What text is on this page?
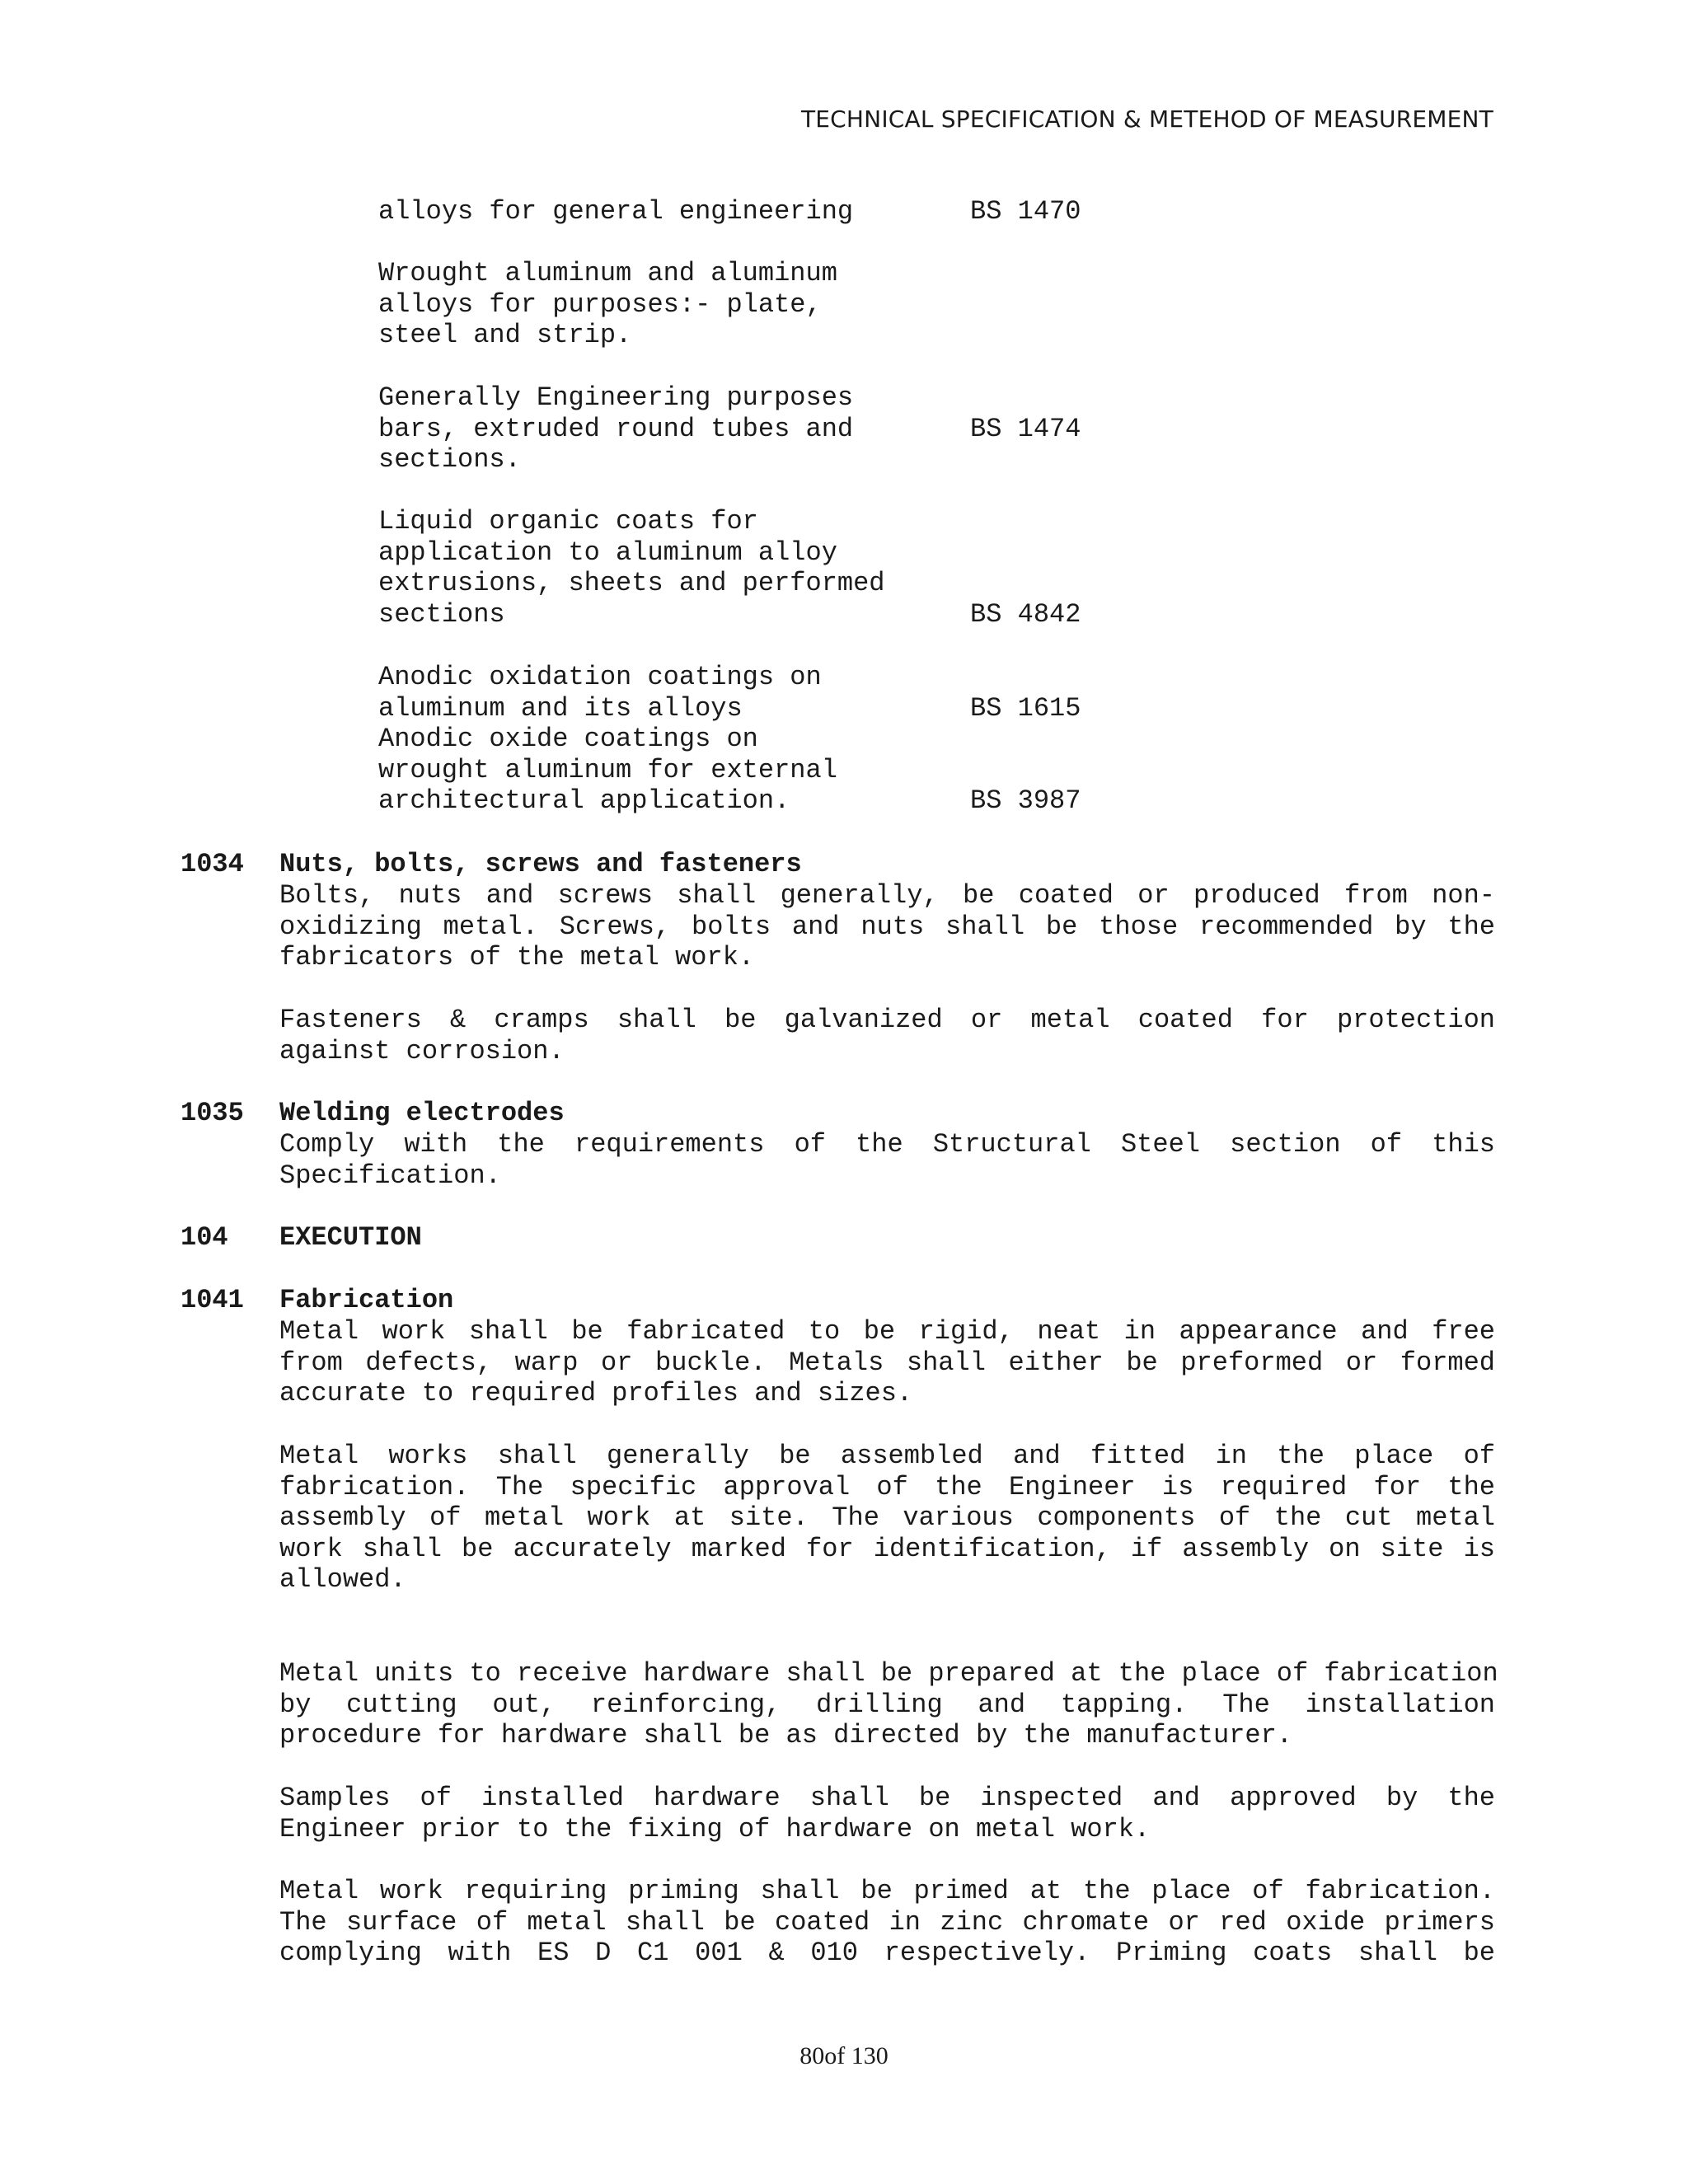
TECHNICAL SPECIFICATION & METEHOD OF MEASUREMENT

alloys for general engineering

	BS 1470

Wrought aluminum and aluminum
alloys for purposes:- plate,
steel and strip.

Generally Engineering purposes
bars, extruded round tubes and
sections.

BS 1474

Liquid organic coats for
application to aluminum alloy
extrusions, sheets and performed
sections

	BS 4842

Anodic oxidation coatings on
aluminum and its alloys
Anodic oxide coatings on
wrought aluminum for external
architectural application.

BS 1615

BS 3987

1034

Nuts, bolts, screws and fasteners

Bolts, nuts and screws shall generally, be coated or produced from non-
oxidizing metal. Screws, bolts and nuts shall be those recommended by the
fabricators of the metal work.
Fasteners & cramps shall be galvanized or metal coated for protection
against corrosion.

1035

Welding electrodes

Comply with the requirements of the Structural Steel section of this
Specification.

104

EXECUTION

1041

Fabrication

Metal work shall be fabricated to be rigid, neat in appearance and free
from defects, warp or buckle. Metals shall either be preformed or formed
accurate to required profiles and sizes.
Metal works shall generally be assembled and fitted in the place of
fabrication. The specific approval of the Engineer is required for the
assembly of metal work at site. The various components of the cut metal
work shall be accurately marked for identification, if assembly on site is
allowed.
Metal units to receive hardware shall be prepared at the place of fabrication
by cutting out, reinforcing, drilling and tapping. The installation
procedure for hardware shall be as directed by the manufacturer.
Samples of installed hardware shall be inspected and approved by the
Engineer prior to the fixing of hardware on metal work.
Metal work requiring priming shall be primed at the place of fabrication.
The surface of metal shall be coated in zinc chromate or red oxide primers
complying with ES D C1 001 & 010 respectively. Priming coats shall be
80of 130
